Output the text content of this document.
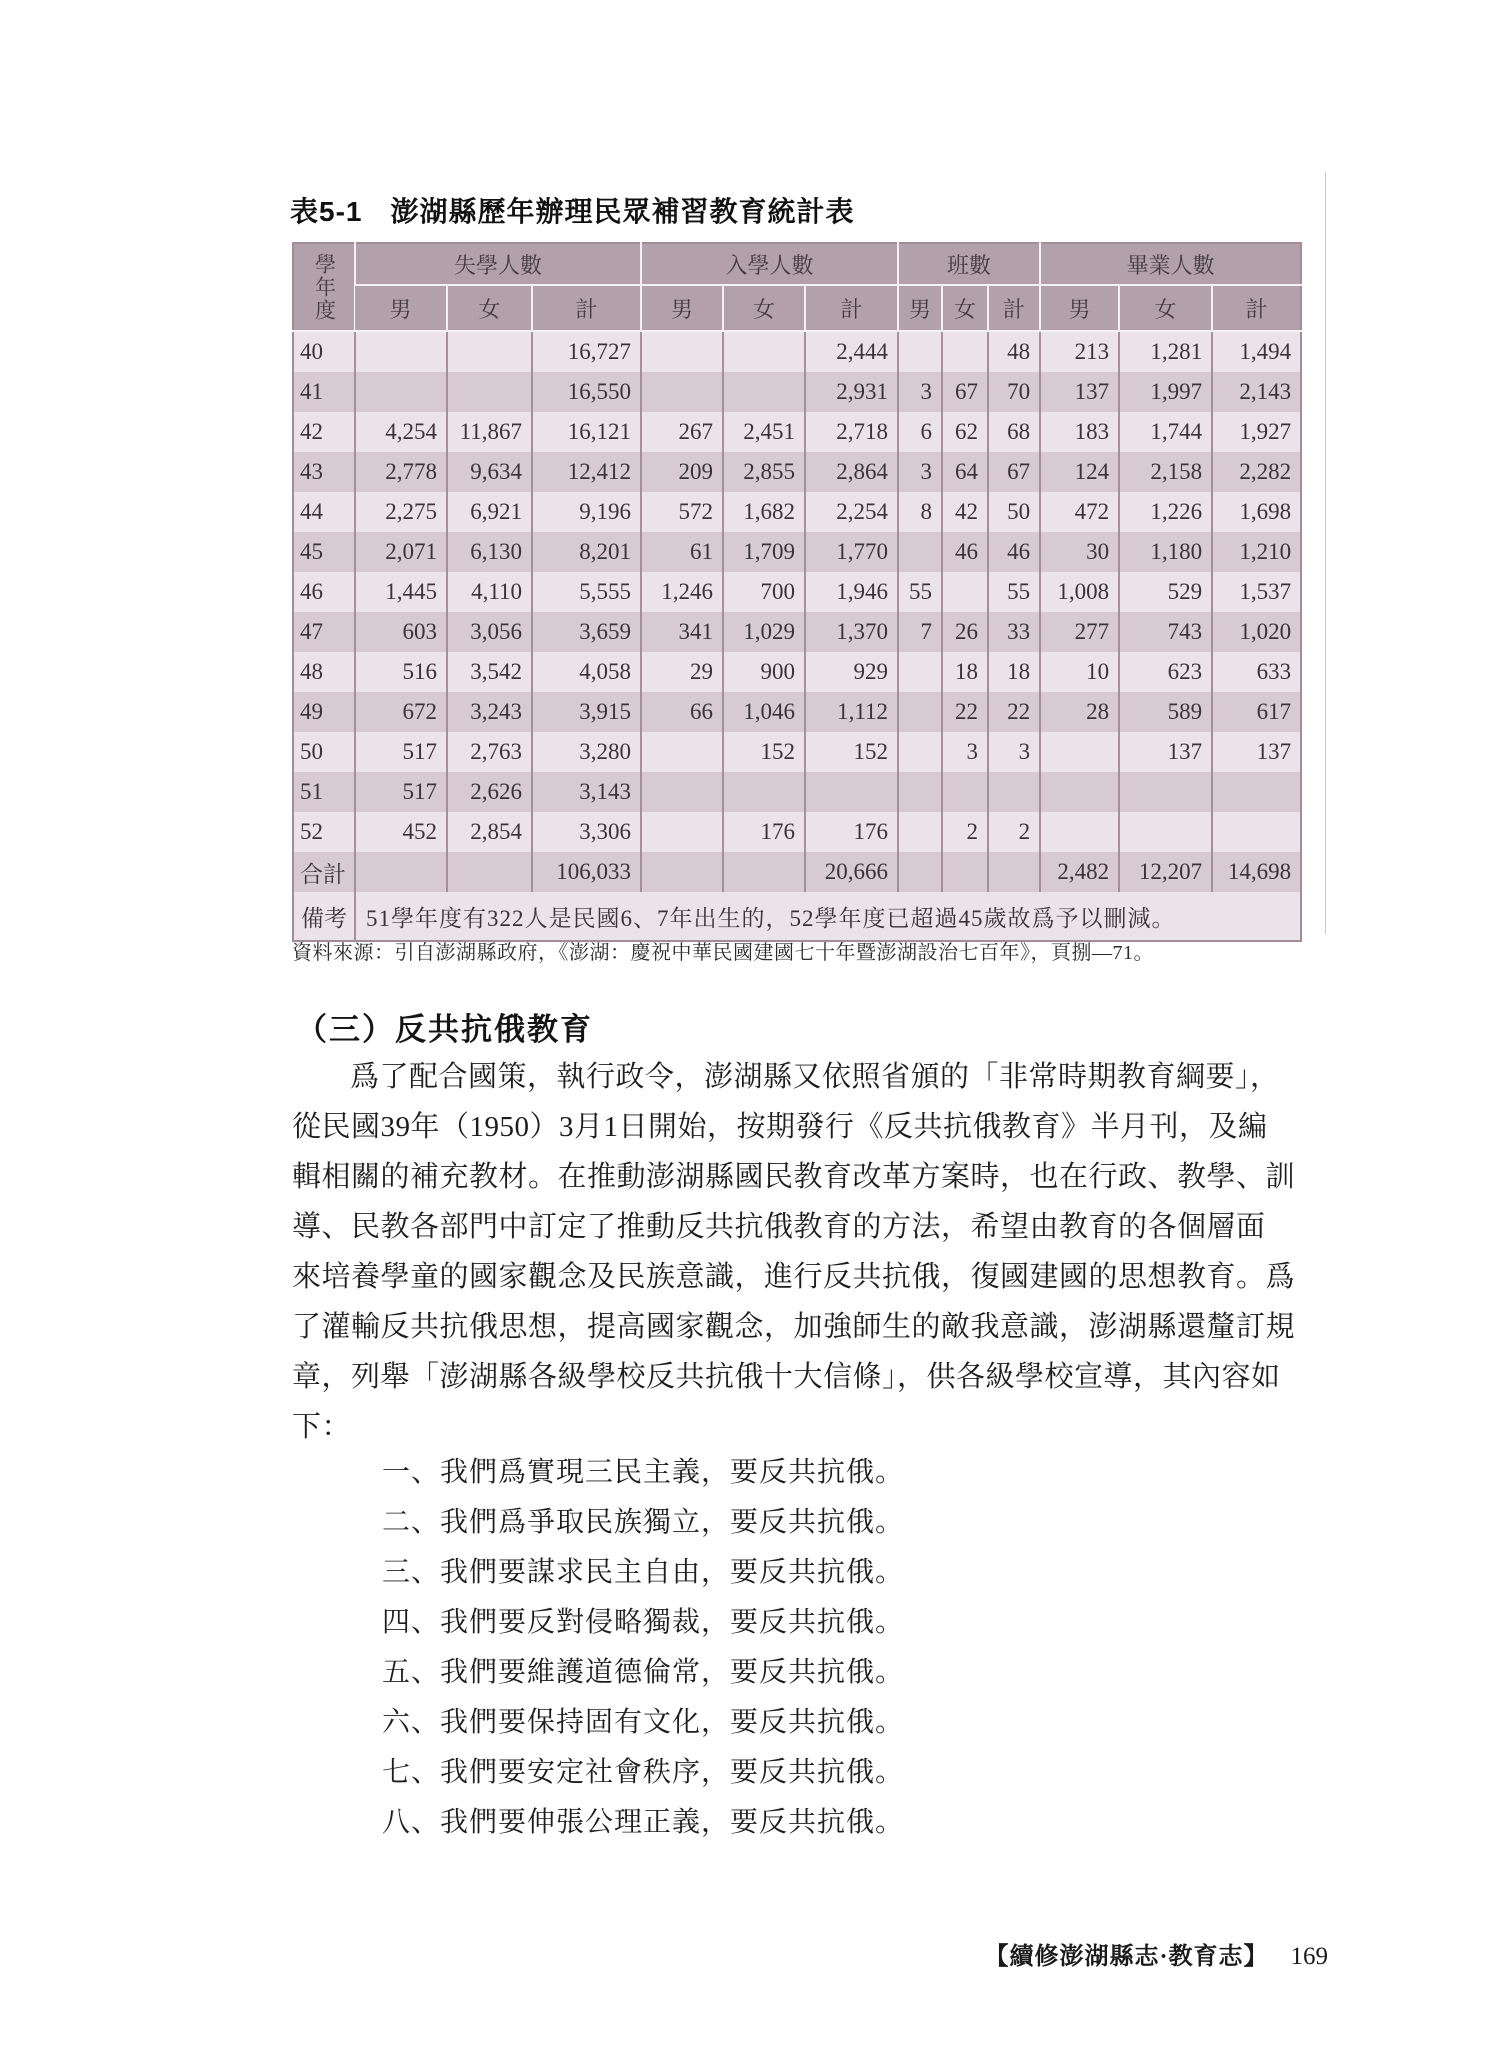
表5-1 澎湖縣歷年辦理民眾補習教育統計表
學年度	失學人數			入學人數			班數			畢業人數		
	男	女	計	男	女	計	男	女	計	男	女	計
40			16,727			2,444			48	213	1,281	1,494
41			16,550			2,931	3	67	70	137	1,997	2,143
42	4,254	11,867	16,121	267	2,451	2,718	6	62	68	183	1,744	1,927
43	2,778	9,634	12,412	209	2,855	2,864	3	64	67	124	2,158	2,282
44	2,275	6,921	9,196	572	1,682	2,254	8	42	50	472	1,226	1,698
45	2,071	6,130	8,201	61	1,709	1,770		46	46	30	1,180	1,210
46	1,445	4,110	5,555	1,246	700	1,946	55		55	1,008	529	1,537
47	603	3,056	3,659	341	1,029	1,370	7	26	33	277	743	1,020
48	516	3,542	4,058	29	900	929		18	18	10	623	633
49	672	3,243	3,915	66	1,046	1,112		22	22	28	589	617
50	517	2,763	3,280		152	152		3	3		137	137
51	517	2,626	3,143									
52	452	2,854	3,306		176	176		2	2			
合計			106,033			20,666				2,482	12,207	14,698
備考	51學年度有322人是民國6、7年出生的，52學年度已超過45歲故爲予以刪減。											
資料來源：引自澎湖縣政府，《澎湖：慶祝中華民國建國七十年暨澎湖設治七百年》，頁捌—71。
（三）反共抗俄教育
爲了配合國策，執行政令，澎湖縣又依照省頒的「非常時期教育綱要」，
從民國39年（1950）3月1日開始，按期發行《反共抗俄教育》半月刊，及編
輯相關的補充教材。在推動澎湖縣國民教育改革方案時，也在行政、教學、訓
導、民教各部門中訂定了推動反共抗俄教育的方法，希望由教育的各個層面
來培養學童的國家觀念及民族意識，進行反共抗俄，復國建國的思想教育。爲
了灌輸反共抗俄思想，提高國家觀念，加強師生的敵我意識，澎湖縣還釐訂規
章，列舉「澎湖縣各級學校反共抗俄十大信條」，供各級學校宣導，其內容如
下：
一、我們爲實現三民主義，要反共抗俄。
二、我們爲爭取民族獨立，要反共抗俄。
三、我們要謀求民主自由，要反共抗俄。
四、我們要反對侵略獨裁，要反共抗俄。
五、我們要維護道德倫常，要反共抗俄。
六、我們要保持固有文化，要反共抗俄。
七、我們要安定社會秩序，要反共抗俄。
八、我們要伸張公理正義，要反共抗俄。
【續修澎湖縣志·教育志】 169
